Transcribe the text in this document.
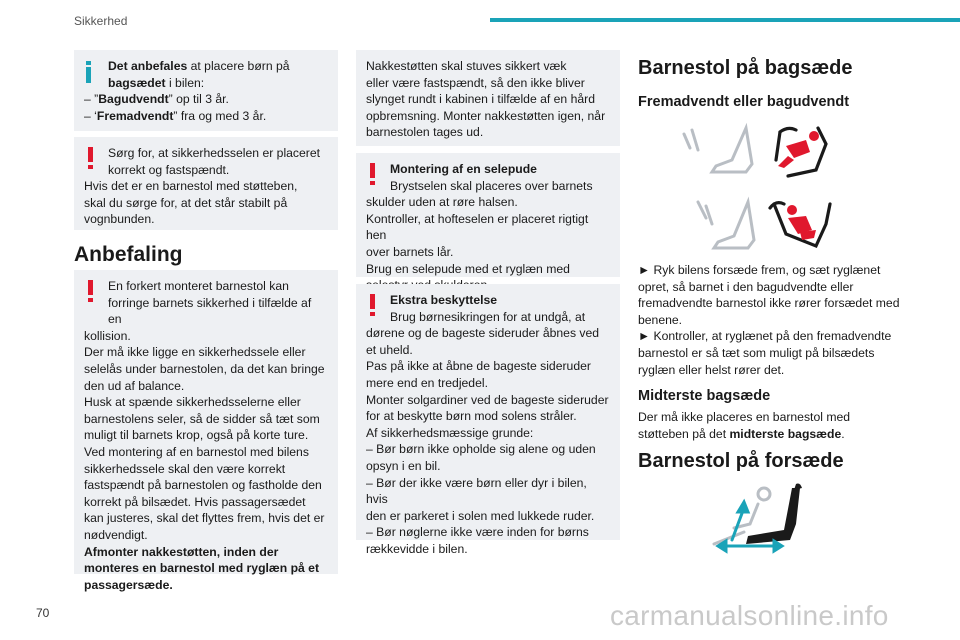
Sikkerhed

Det anbefales at placere børn på

bagsædet i bilen:

– ”Bagudvendt” op til 3 år.

– ‘Fremadvendt” fra og med 3 år.

Sørg for, at sikkerhedsselen er placeret

korrekt og fastspændt.

Hvis det er en barnestol med støtteben,

skal du sørge for, at det står stabilt på

vognbunden.

Anbefaling

En forkert monteret barnestol kan

forringe barnets sikkerhed i tilfælde af en

kollision.

Der må ikke ligge en sikkerhedssele eller

selelås under barnestolen, da det kan bringe

den ud af balance.

Husk at spænde sikkerhedsselerne eller

barnestolens seler, så de sidder så tæt som

muligt til barnets krop, også på korte ture.

Ved montering af en barnestol med bilens

sikkerhedssele skal den være korrekt

fastspændt på barnestolen og fastholde den

korrekt på bilsædet. Hvis passagersædet

kan justeres, skal det flyttes frem, hvis det er

nødvendigt.

Afmonter nakkestøtten, inden der

monteres en barnestol med ryglæn på et

passagersæde.

Nakkestøtten skal stuves sikkert væk

eller være fastspændt, så den ikke bliver

slynget rundt i kabinen i tilfælde af en hård

opbremsning. Monter nakkestøtten igen, når

barnestolen tages ud.

Montering af en selepude

Brystselen skal placeres over barnets

skulder uden at røre halsen.

Kontroller, at hofteselen er placeret rigtigt hen

over barnets lår.

Brug en selepude med et ryglæn med

Ekstra beskyttelse

Brug børnesikringen for at undgå, at

dørene og de bageste sideruder åbnes ved

et uheld.

Pas på ikke at åbne de bageste sideruder

mere end en tredjedel.

Monter solgardiner ved de bageste sideruder

for at beskytte børn mod solens stråler.

Af sikkerhedsmæssige grunde:

– Bør børn ikke opholde sig alene og uden

opsyn i en bil.

– Bør der ikke være børn eller dyr i bilen, hvis

den er parkeret i solen med lukkede ruder.

– Bør nøglerne ikke være inden for børns

rækkevidde i bilen.

Barnestol på bagsæde
Fremadvendt eller bagudvendt

► Ryk bilens forsæde frem, og sæt ryglænet

opret, så barnet i den bagudvendte eller

fremadvendte barnestol ikke rører forsædet med

benene.

► Kontroller, at ryglænet på den fremadvendte

barnestol er så tæt som muligt på bilsædets

ryglæn eller helst rører det.

Midterste bagsæde

Der må ikke placeres en barnestol med

støtteben på det midterste bagsæde.

Barnestol på forsæde
70	carmanualsonline.info
